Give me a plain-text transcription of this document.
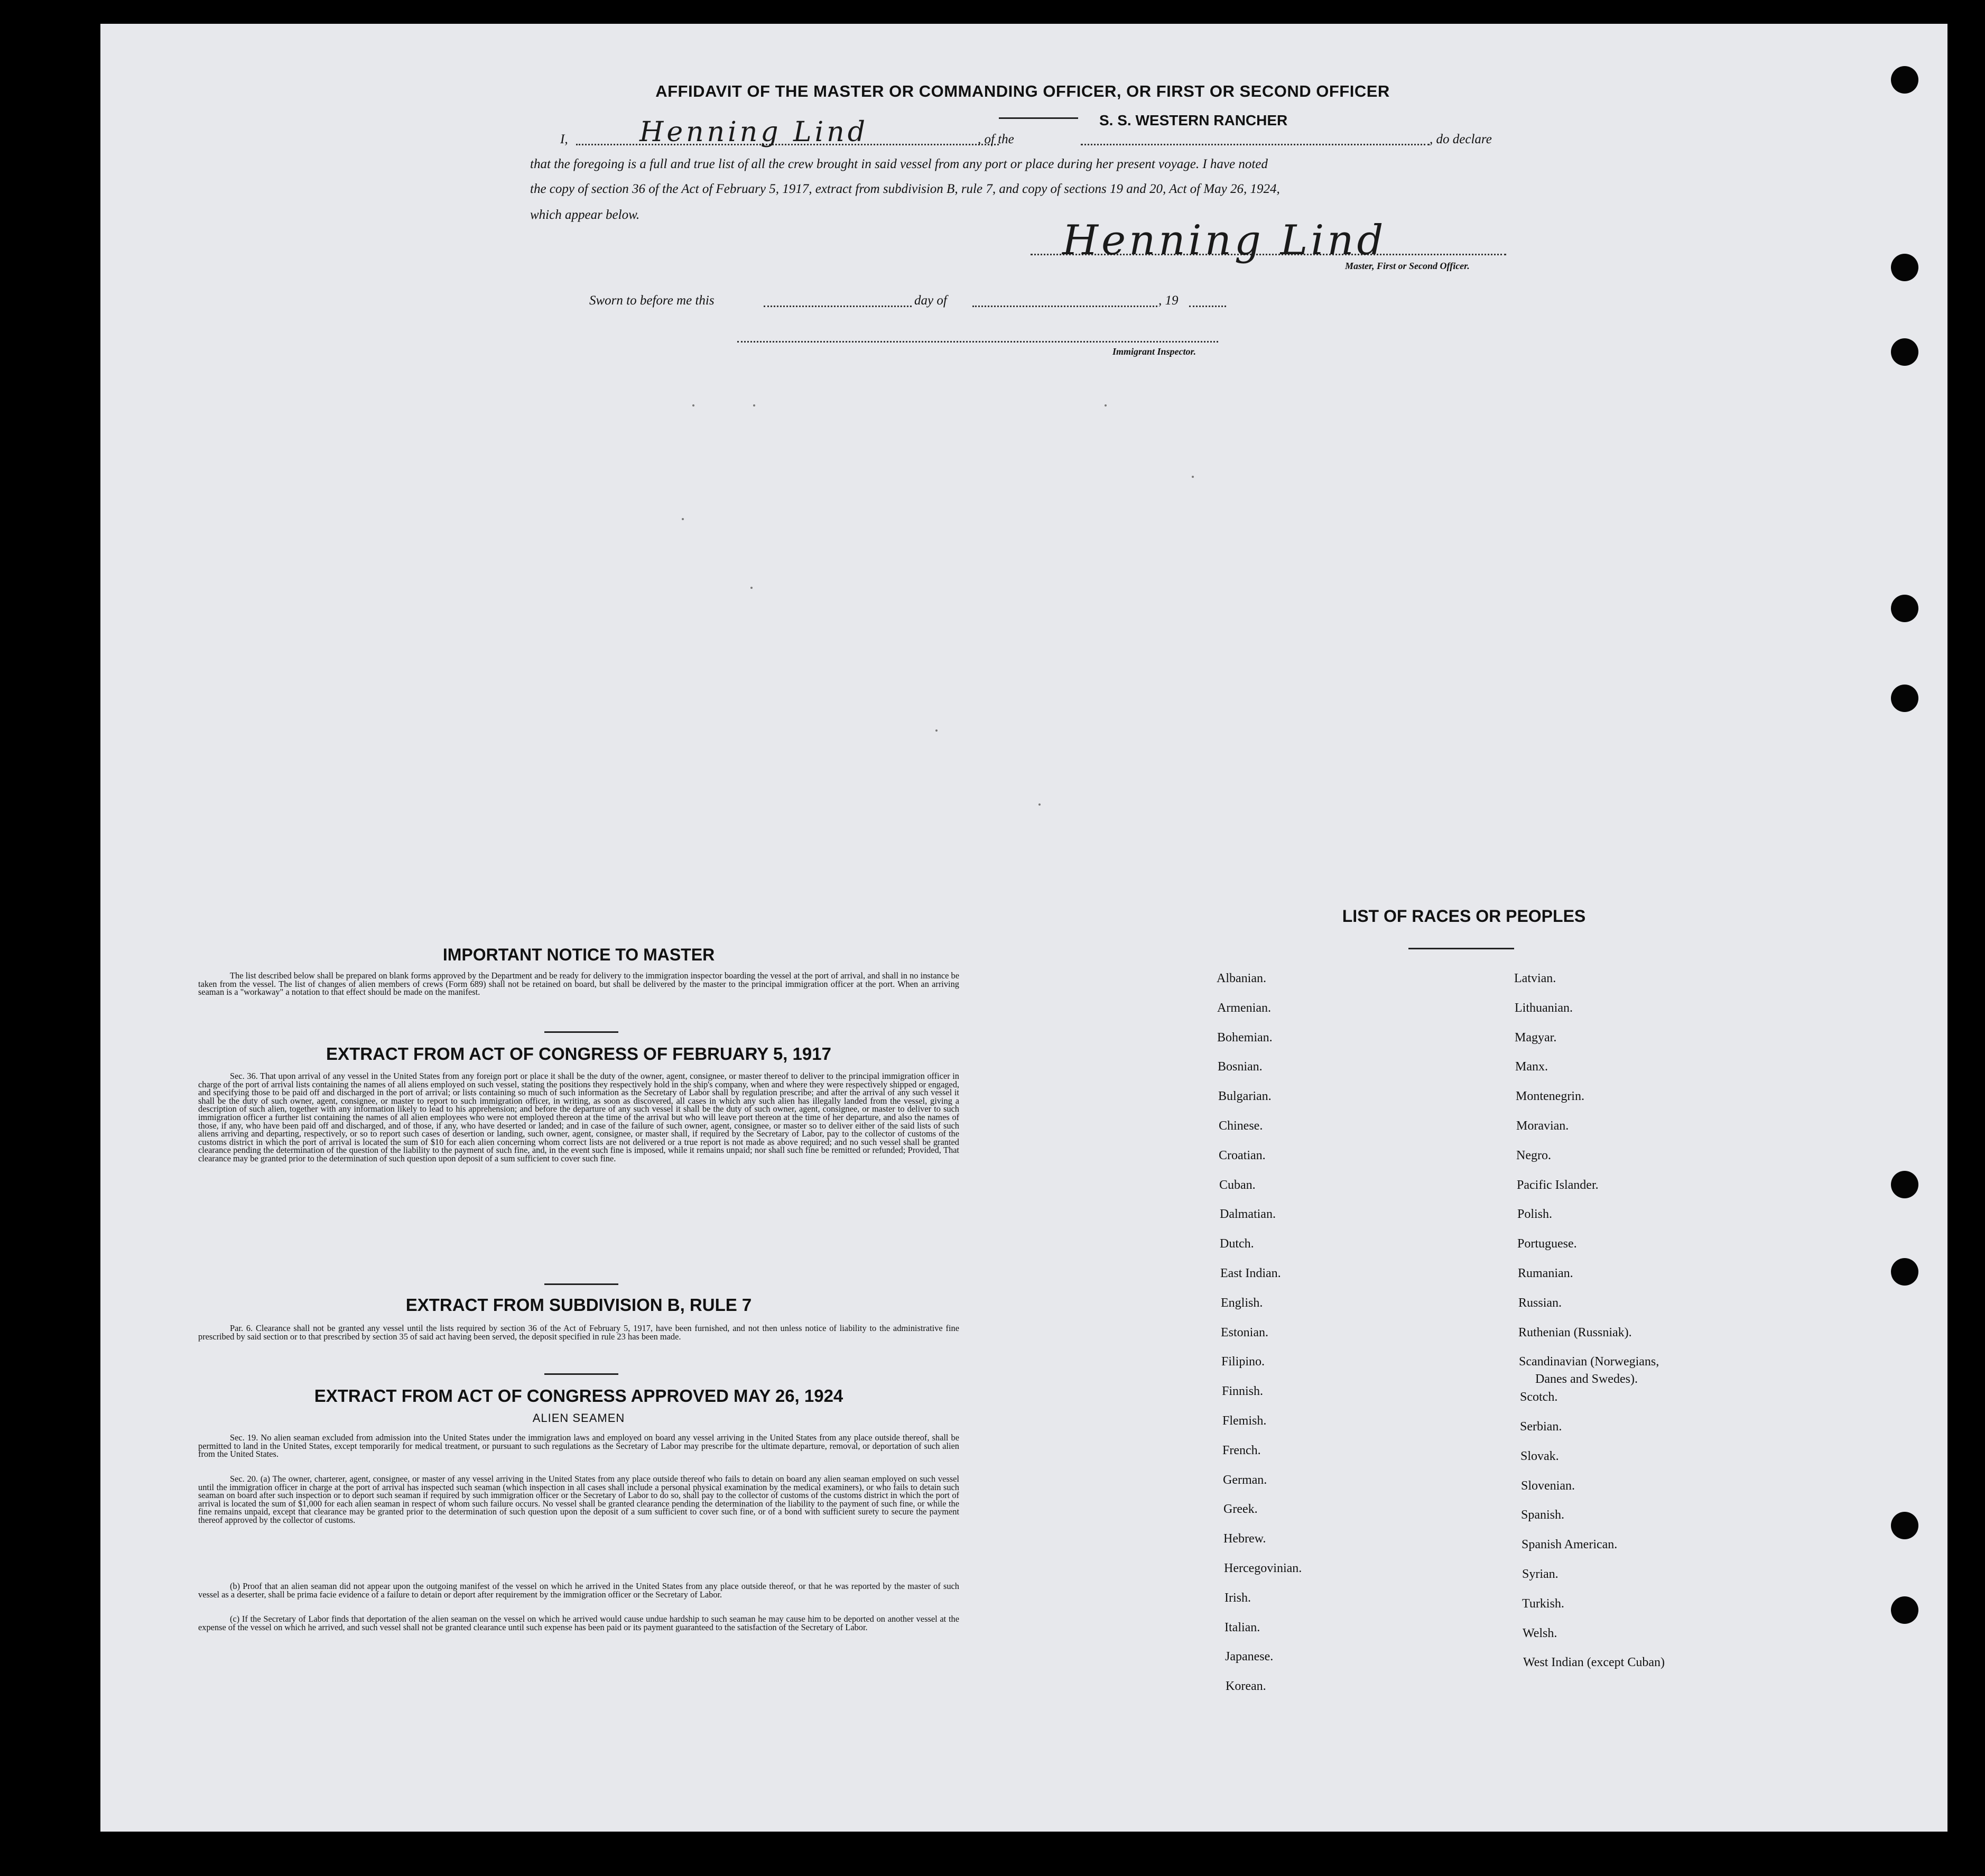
AFFIDAVIT OF THE MASTER OR COMMANDING OFFICER, OR FIRST OR SECOND OFFICER
S. S. WESTERN RANCHER
I,	Henning Lind	, of the	, do declare
that the foregoing is a full and true list of all the crew brought in said vessel from any port or place during her present voyage. I have noted
the copy of section 36 of the Act of February 5, 1917, extract from subdivision B, rule 7, and copy of sections 19 and 20, Act of May 26, 1924,
which appear below.
Henning Lind
Master, First or Second Officer.
Sworn to before me this	day of	, 19
Immigrant Inspector.
IMPORTANT NOTICE TO MASTER
The list described below shall be prepared on blank forms approved by the Department and be ready for delivery to the immigration inspector boarding the vessel at the port of arrival, and shall in no instance be taken from the vessel. The list of changes of alien members of crews (Form 689) shall not be retained on board, but shall be delivered by the master to the principal immigration officer at the port. When an arriving seaman is a "workaway" a notation to that effect should be made on the manifest.
EXTRACT FROM ACT OF CONGRESS OF FEBRUARY 5, 1917
Sec. 36. That upon arrival of any vessel in the United States from any foreign port or place it shall be the duty of the owner, agent, consignee, or master thereof to deliver to the principal immigration officer in charge of the port of arrival lists containing the names of all aliens employed on such vessel, stating the positions they respectively hold in the ship's company, when and where they were respectively shipped or engaged, and specifying those to be paid off and discharged in the port of arrival; or lists containing so much of such information as the Secretary of Labor shall by regulation prescribe; and after the arrival of any such vessel it shall be the duty of such owner, agent, consignee, or master to report to such immigration officer, in writing, as soon as discovered, all cases in which any such alien has illegally landed from the vessel, giving a description of such alien, together with any information likely to lead to his apprehension; and before the departure of any such vessel it shall be the duty of such owner, agent, consignee, or master to deliver to such immigration officer a further list containing the names of all alien employees who were not employed thereon at the time of the arrival but who will leave port thereon at the time of her departure, and also the names of those, if any, who have been paid off and discharged, and of those, if any, who have deserted or landed; and in case of the failure of such owner, agent, consignee, or master so to deliver either of the said lists of such aliens arriving and departing, respectively, or so to report such cases of desertion or landing, such owner, agent, consignee, or master shall, if required by the Secretary of Labor, pay to the collector of customs of the customs district in which the port of arrival is located the sum of $10 for each alien concerning whom correct lists are not delivered or a true report is not made as above required; and no such vessel shall be granted clearance pending the determination of the question of the liability to the payment of such fine, and, in the event such fine is imposed, while it remains unpaid; nor shall such fine be remitted or refunded; Provided, That clearance may be granted prior to the determination of such question upon deposit of a sum sufficient to cover such fine.
EXTRACT FROM SUBDIVISION B, RULE 7
Par. 6. Clearance shall not be granted any vessel until the lists required by section 36 of the Act of February 5, 1917, have been furnished, and not then unless notice of liability to the administrative fine prescribed by said section or to that prescribed by section 35 of said act having been served, the deposit specified in rule 23 has been made.
EXTRACT FROM ACT OF CONGRESS APPROVED MAY 26, 1924
ALIEN SEAMEN
Sec. 19. No alien seaman excluded from admission into the United States under the immigration laws and employed on board any vessel arriving in the United States from any place outside thereof, shall be permitted to land in the United States, except temporarily for medical treatment, or pursuant to such regulations as the Secretary of Labor may prescribe for the ultimate departure, removal, or deportation of such alien from the United States.
Sec. 20. (a) The owner, charterer, agent, consignee, or master of any vessel arriving in the United States from any place outside thereof who fails to detain on board any alien seaman employed on such vessel until the immigration officer in charge at the port of arrival has inspected such seaman (which inspection in all cases shall include a personal physical examination by the medical examiners), or who fails to detain such seaman on board after such inspection or to deport such seaman if required by such immigration officer or the Secretary of Labor to do so, shall pay to the collector of customs of the customs district in which the port of arrival is located the sum of $1,000 for each alien seaman in respect of whom such failure occurs. No vessel shall be granted clearance pending the determination of the liability to the payment of such fine, or while the fine remains unpaid, except that clearance may be granted prior to the determination of such question upon the deposit of a sum sufficient to cover such fine, or of a bond with sufficient surety to secure the payment thereof approved by the collector of customs.
(b) Proof that an alien seaman did not appear upon the outgoing manifest of the vessel on which he arrived in the United States from any place outside thereof, or that he was reported by the master of such vessel as a deserter, shall be prima facie evidence of a failure to detain or deport after requirement by the immigration officer or the Secretary of Labor.
(c) If the Secretary of Labor finds that deportation of the alien seaman on the vessel on which he arrived would cause undue hardship to such seaman he may cause him to be deported on another vessel at the expense of the vessel on which he arrived, and such vessel shall not be granted clearance until such expense has been paid or its payment guaranteed to the satisfaction of the Secretary of Labor.
LIST OF RACES OR PEOPLES
Albanian.
Armenian.
Bohemian.
Bosnian.
Bulgarian.
Chinese.
Croatian.
Cuban.
Dalmatian.
Dutch.
East Indian.
English.
Estonian.
Filipino.
Finnish.
Flemish.
French.
German.
Greek.
Hebrew.
Hercegovinian.
Irish.
Italian.
Japanese.
Korean.
Latvian.
Lithuanian.
Magyar.
Manx.
Montenegrin.
Moravian.
Negro.
Pacific Islander.
Polish.
Portuguese.
Rumanian.
Russian.
Ruthenian (Russniak).
Scandinavian (Norwegians,
Danes and Swedes).
Scotch.
Serbian.
Slovak.
Slovenian.
Spanish.
Spanish American.
Syrian.
Turkish.
Welsh.
West Indian (except Cuban)
